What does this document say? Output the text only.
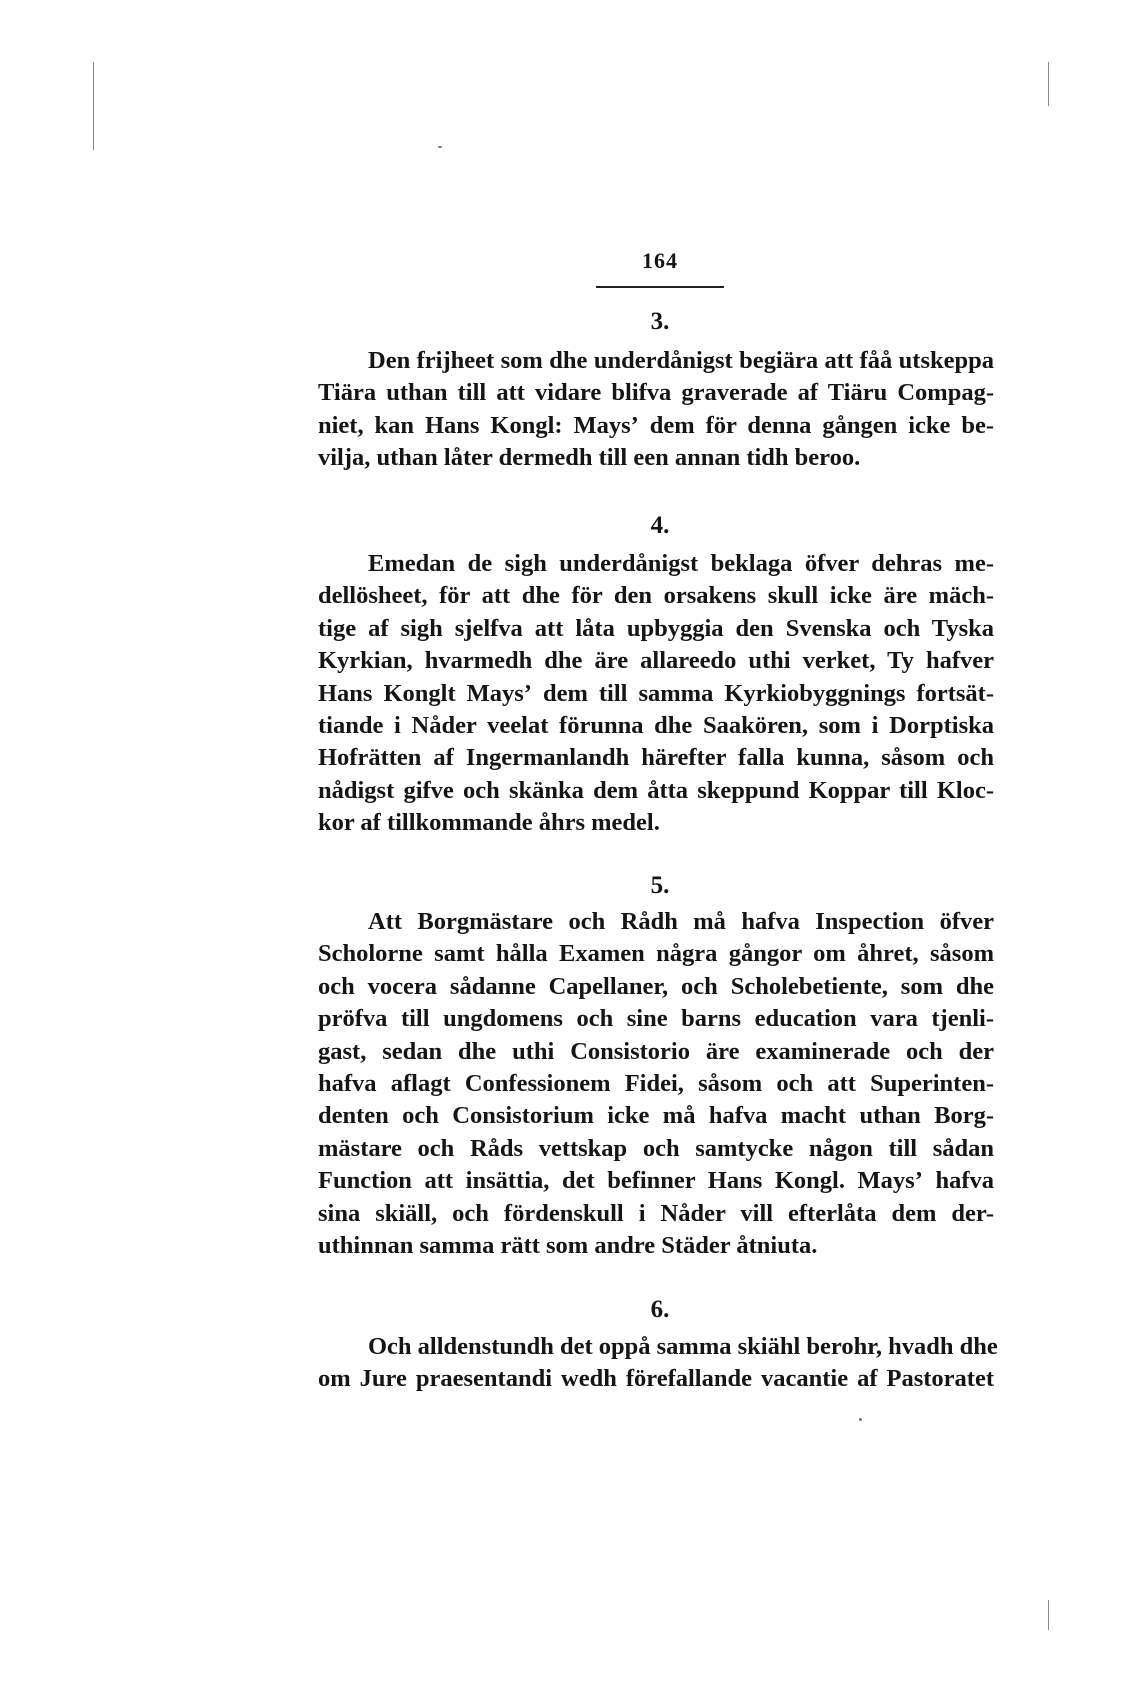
164
3.

Den frijheet som dhe underdånigst begiära att fåå utskeppa
Tiära uthan till att vidare blifva graverade af Tiäru Compag-
niet, kan Hans Kongl: Maysʼ dem för denna gången icke be-
vilja, uthan låter dermedh till een annan tidh beroo.

4.

Emedan de sigh underdånigst beklaga öfver dehras me-
dellösheet, för att dhe för den orsakens skull icke äre mäch-
tige af sigh sjelfva att låta upbyggia den Svenska och Tyska
Kyrkian, hvarmedh dhe äre allareedo uthi verket, Ty hafver
Hans Konglt Maysʼ dem till samma Kyrkiobyggnings fortsät-
tiande i Nåder veelat förunna dhe Saakören, som i Dorptiska
Hofrätten af Ingermanlandh härefter falla kunna, såsom och
nådigst gifve och skänka dem åtta skeppund Koppar till Kloc-
kor af tillkommande åhrs medel.

5.

Att Borgmästare och Rådh må hafva Inspection öfver
Scholorne samt hålla Examen några gångor om åhret, såsom
och vocera sådanne Capellaner, och Scholebetiente, som dhe
pröfva till ungdomens och sine barns education vara tjenli-
gast, sedan dhe uthi Consistorio äre examinerade och der
hafva aflagt Confessionem Fidei, såsom och att Superinten-
denten och Consistorium icke må hafva macht uthan Borg-
mästare och Råds vettskap och samtycke någon till sådan
Function att insättia, det befinner Hans Kongl. Maysʼ hafva
sina skiäll, och fördenskull i Nåder vill efterlåta dem der-
uthinnan samma rätt som andre Städer åtniuta.

6.

Och alldenstundh det oppå samma skiähl berohr, hvadh dhe
om Jure praesentandi wedh förefallande vacantie af Pastoratet
